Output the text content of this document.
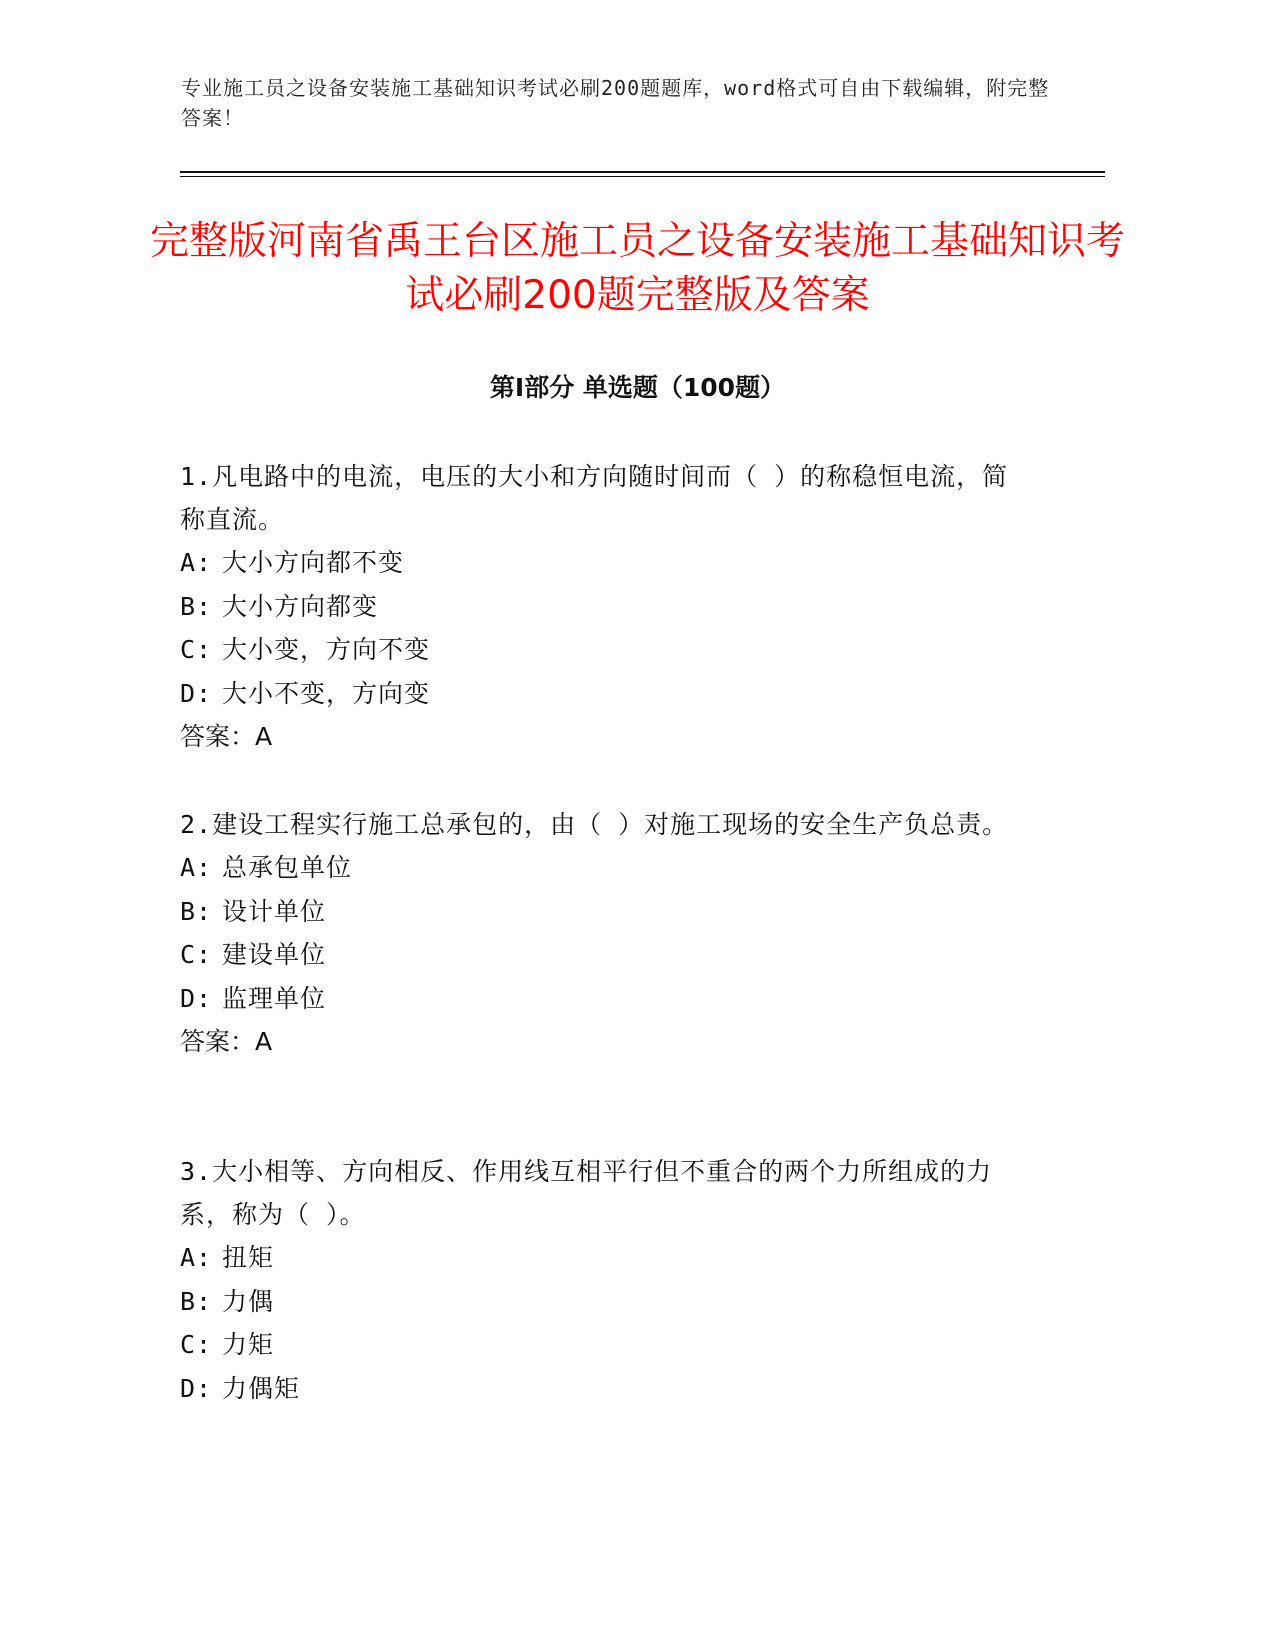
专业施工员之设备安装施工基础知识考试必刷200题题库，word格式可自由下载编辑，附完整答案！
完整版河南省禹王台区施工员之设备安装施工基础知识考试必刷200题完整版及答案
第Ⅰ部分 单选题（100题）

1.凡电路中的电流，电压的大小和方向随时间而（ ）的称稳恒电流，简称直流。

A: 大小方向都不变

B: 大小方向都变

C: 大小变，方向不变

D: 大小不变，方向变

答案：A

2.建设工程实行施工总承包的，由（ ）对施工现场的安全生产负总责。

A: 总承包单位

B: 设计单位

C: 建设单位

D: 监理单位

答案：A

3.大小相等、方向相反、作用线互相平行但不重合的两个力所组成的力系，称为（ ）。

A: 扭矩

B: 力偶

C: 力矩

D: 力偶矩
